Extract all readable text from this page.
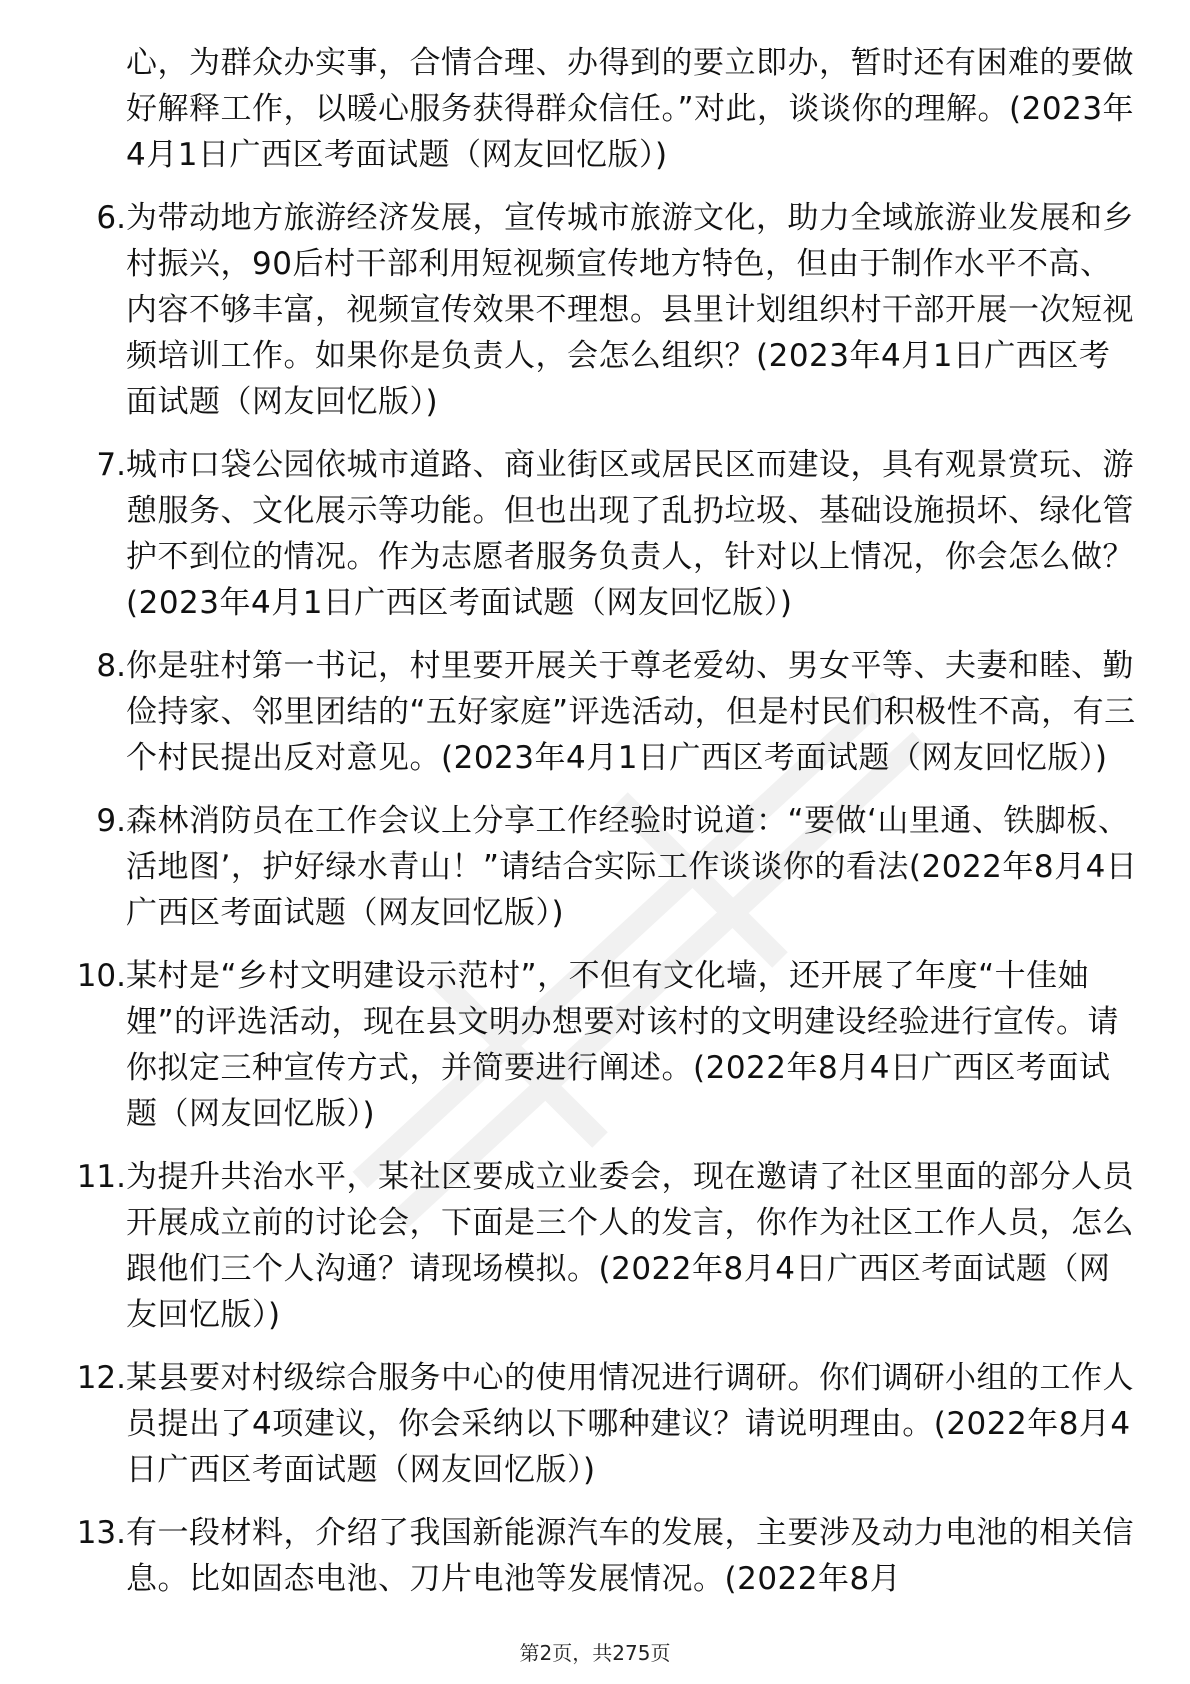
心，为群众办实事，合情合理、办得到的要立即办，暂时还有困难的要做好解释工作，以暖心服务获得群众信任。”对此，谈谈你的理解。(2023年4月1日广西区考面试题（网友回忆版）)

6. 为带动地方旅游经济发展，宣传城市旅游文化，助力全域旅游业发展和乡村振兴，90后村干部利用短视频宣传地方特色，但由于制作水平不高、内容不够丰富，视频宣传效果不理想。县里计划组织村干部开展一次短视频培训工作。如果你是负责人，会怎么组织？(2023年4月1日广西区考面试题（网友回忆版）)
7. 城市口袋公园依城市道路、商业街区或居民区而建设，具有观景赏玩、游憩服务、文化展示等功能。但也出现了乱扔垃圾、基础设施损坏、绿化管护不到位的情况。作为志愿者服务负责人，针对以上情况，你会怎么做？(2023年4月1日广西区考面试题（网友回忆版）)
8. 你是驻村第一书记，村里要开展关于尊老爱幼、男女平等、夫妻和睦、勤俭持家、邻里团结的“五好家庭”评选活动，但是村民们积极性不高，有三个村民提出反对意见。(2023年4月1日广西区考面试题（网友回忆版）)
9. 森林消防员在工作会议上分享工作经验时说道：“要做‘山里通、铁脚板、活地图’，护好绿水青山！”请结合实际工作谈谈你的看法(2022年8月4日广西区考面试题（网友回忆版）)
10. 某村是“乡村文明建设示范村”，不但有文化墙，还开展了年度“十佳妯娌”的评选活动，现在县文明办想要对该村的文明建设经验进行宣传。请你拟定三种宣传方式，并简要进行阐述。(2022年8月4日广西区考面试题（网友回忆版）)
11. 为提升共治水平，某社区要成立业委会，现在邀请了社区里面的部分人员开展成立前的讨论会，下面是三个人的发言，你作为社区工作人员，怎么跟他们三个人沟通？请现场模拟。(2022年8月4日广西区考面试题（网友回忆版）)
12. 某县要对村级综合服务中心的使用情况进行调研。你们调研小组的工作人员提出了4项建议，你会采纳以下哪种建议？请说明理由。(2022年8月4日广西区考面试题（网友回忆版）)
13. 有一段材料，介绍了我国新能源汽车的发展，主要涉及动力电池的相关信息。比如固态电池、刀片电池等发展情况。(2022年8月
第2页，共275页
